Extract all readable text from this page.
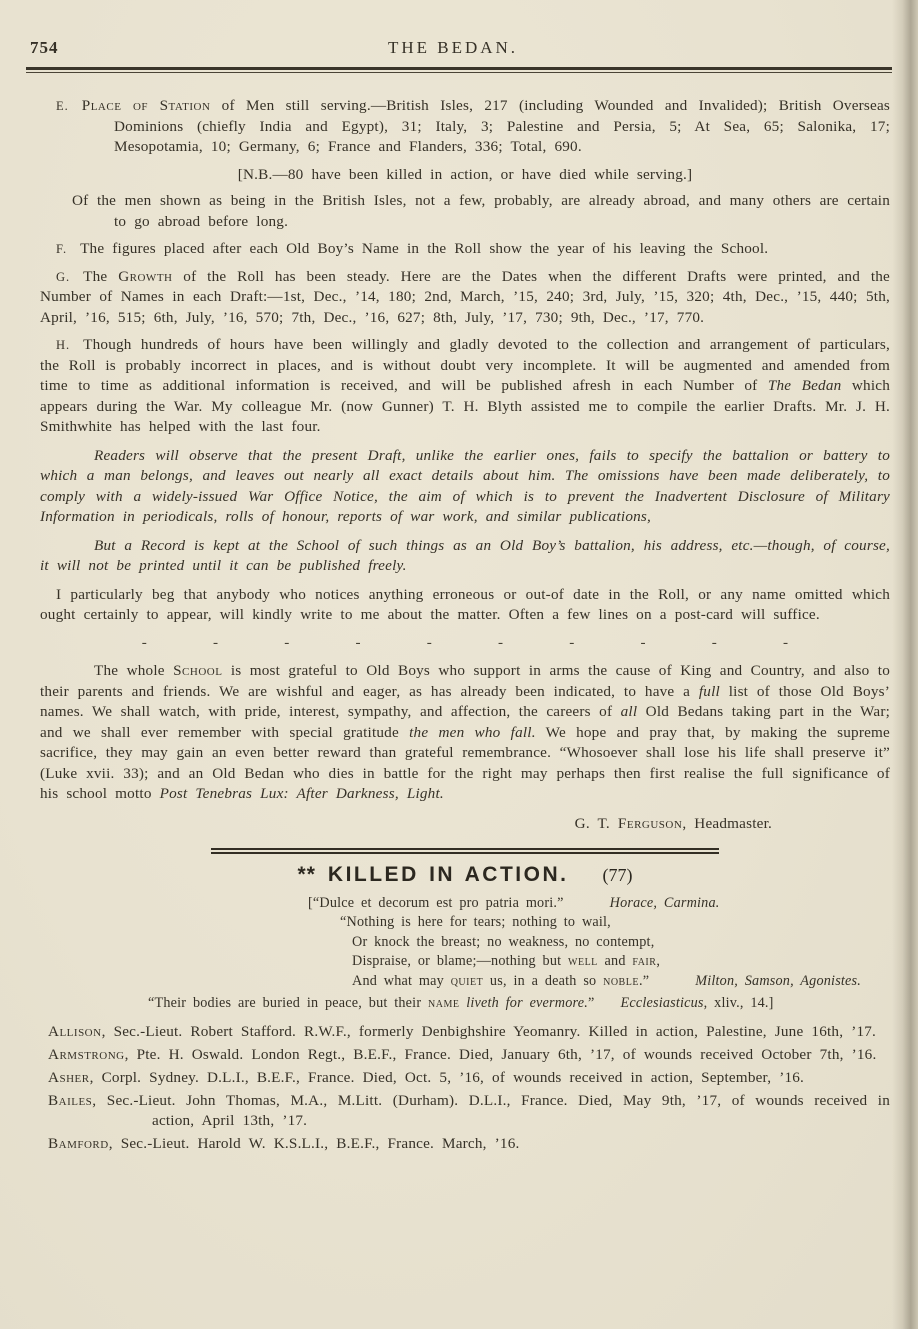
754	THE BEDAN.

E. Place of Station of Men still serving.—British Isles, 217 (including Wounded and Invalided); British Overseas Dominions (chiefly India and Egypt), 31; Italy, 3; Palestine and Persia, 5; At Sea, 65; Salonika, 17; Mesopotamia, 10; Germany, 6; France and Flanders, 336; Total, 690.

[N.B.—80 have been killed in action, or have died while serving.]

Of the men shown as being in the British Isles, not a few, probably, are already abroad, and many others are certain to go abroad before long.

F. The figures placed after each Old Boy’s Name in the Roll show the year of his leaving the School.

G. The Growth of the Roll has been steady. Here are the Dates when the different Drafts were printed, and the Number of Names in each Draft:—1st, Dec., ’14, 180; 2nd, March, ’15, 240; 3rd, July, ’15, 320; 4th, Dec., ’15, 440; 5th, April, ’16, 515; 6th, July, ’16, 570; 7th, Dec., ’16, 627; 8th, July, ’17, 730; 9th, Dec., ’17, 770.

H. Though hundreds of hours have been willingly and gladly devoted to the collection and arrangement of particulars, the Roll is probably incorrect in places, and is without doubt very incomplete. It will be augmented and amended from time to time as additional information is received, and will be published afresh in each Number of The Bedan which appears during the War. My colleague Mr. (now Gunner) T. H. Blyth assisted me to compile the earlier Drafts. Mr. J. H. Smithwhite has helped with the last four.

Readers will observe that the present Draft, unlike the earlier ones, fails to specify the battalion or battery to which a man belongs, and leaves out nearly all exact details about him. The omissions have been made deliberately, to comply with a widely-issued War Office Notice, the aim of which is to prevent the Inadvertent Disclosure of Military Information in periodicals, rolls of honour, reports of war work, and similar publications,

But a Record is kept at the School of such things as an Old Boy’s battalion, his address, etc.—though, of course, it will not be printed until it can be published freely.

I particularly beg that anybody who notices anything erroneous or out-of date in the Roll, or any name omitted which ought certainly to appear, will kindly write to me about the matter. Often a few lines on a post-card will suffice.

- - - - - - - - - -

The whole School is most grateful to Old Boys who support in arms the cause of King and Country, and also to their parents and friends. We are wishful and eager, as has already been indicated, to have a full list of those Old Boys’ names. We shall watch, with pride, interest, sympathy, and affection, the careers of all Old Bedans taking part in the War; and we shall ever remember with special gratitude the men who fall. We hope and pray that, by making the supreme sacrifice, they may gain an even better reward than grateful remembrance. “Whosoever shall lose his life shall preserve it” (Luke xvii. 33); and an Old Bedan who dies in battle for the right may perhaps then first realise the full significance of his school motto Post Tenebras Lux: After Darkness, Light.

G. T. Ferguson, Headmaster.

** KILLED IN ACTION. (77)
[“Dulce et decorum est pro patria mori.”	Horace, Carmina.
“Nothing is here for tears; nothing to wail,
Or knock the breast; no weakness, no contempt,
Dispraise, or blame;—nothing but well and fair,
And what may quiet us, in a death so noble.”	Milton, Samson, Agonistes.
“Their bodies are buried in peace, but their name liveth for evermore.” Ecclesiasticus, xliv., 14.]

Allison, Sec.-Lieut. Robert Stafford. R.W.F., formerly Denbighshire Yeomanry. Killed in action, Palestine, June 16th, ’17.

Armstrong, Pte. H. Oswald. London Regt., B.E.F., France. Died, January 6th, ’17, of wounds received October 7th, ’16.

Asher, Corpl. Sydney. D.L.I., B.E.F., France. Died, Oct. 5, ’16, of wounds received in action, September, ’16.

Bailes, Sec.-Lieut. John Thomas, M.A., M.Litt. (Durham). D.L.I., France. Died, May 9th, ’17, of wounds received in action, April 13th, ’17.

Bamford, Sec.-Lieut. Harold W. K.S.L.I., B.E.F., France. March, ’16.
